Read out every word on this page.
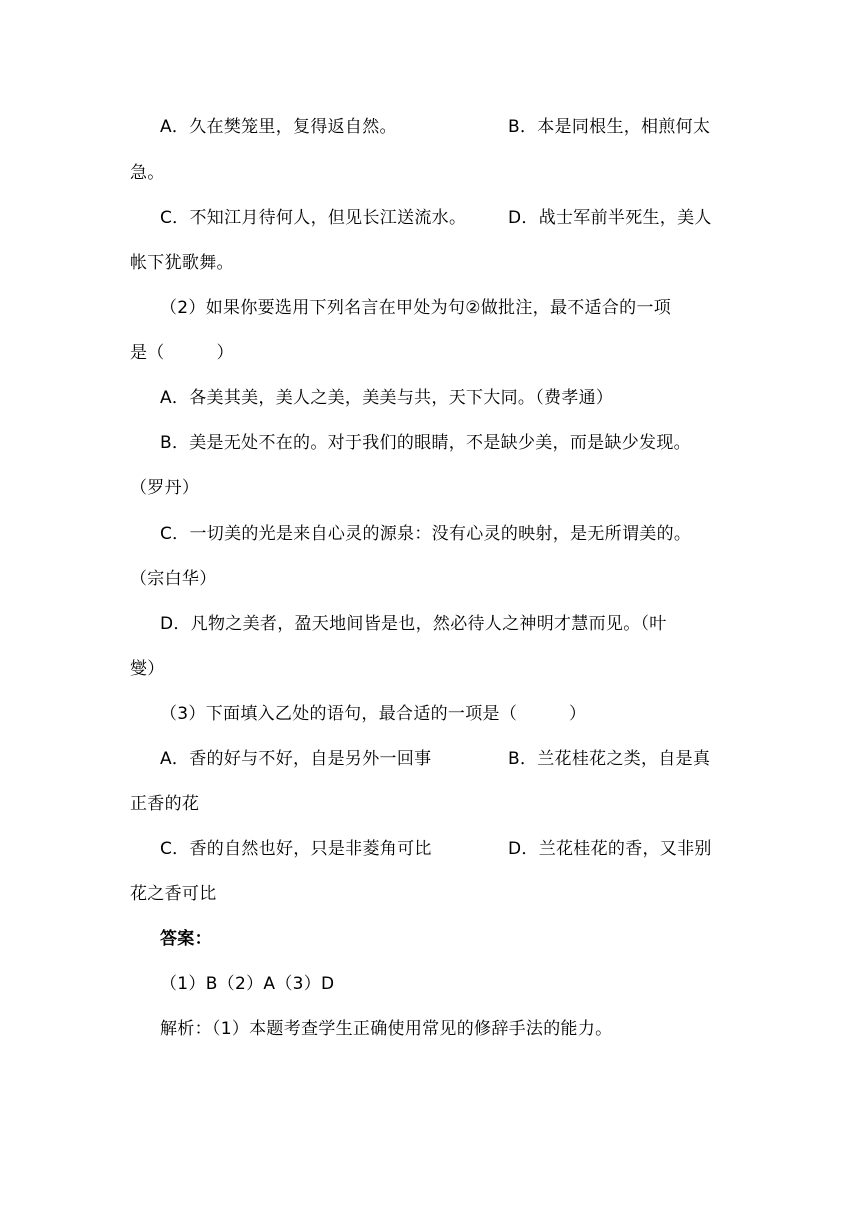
A．久在樊笼里，复得返自然。	B．本是同根生，相煎何太
急。
C．不知江月待何人，但见长江送流水。 D．战士军前半死生，美人
帐下犹歌舞。
（2）如果你要选用下列名言在甲处为句②做批注，最不适合的一项
是（　　　）
A．各美其美，美人之美，美美与共，天下大同。（费孝通）
B．美是无处不在的。对于我们的眼睛，不是缺少美，而是缺少发现。
（罗丹）
C．一切美的光是来自心灵的源泉：没有心灵的映射，是无所谓美的。
（宗白华）
D．凡物之美者，盈天地间皆是也，然必待人之神明才慧而见。（叶
燮）
（3）下面填入乙处的语句，最合适的一项是（　　　）
A．香的好与不好，自是另外一回事	B．兰花桂花之类，自是真
正香的花
C．香的自然也好，只是非菱角可比	D．兰花桂花的香，又非别
花之香可比
答案：
（1）B（2）A（3）D
解析：（1）本题考查学生正确使用常见的修辞手法的能力。
